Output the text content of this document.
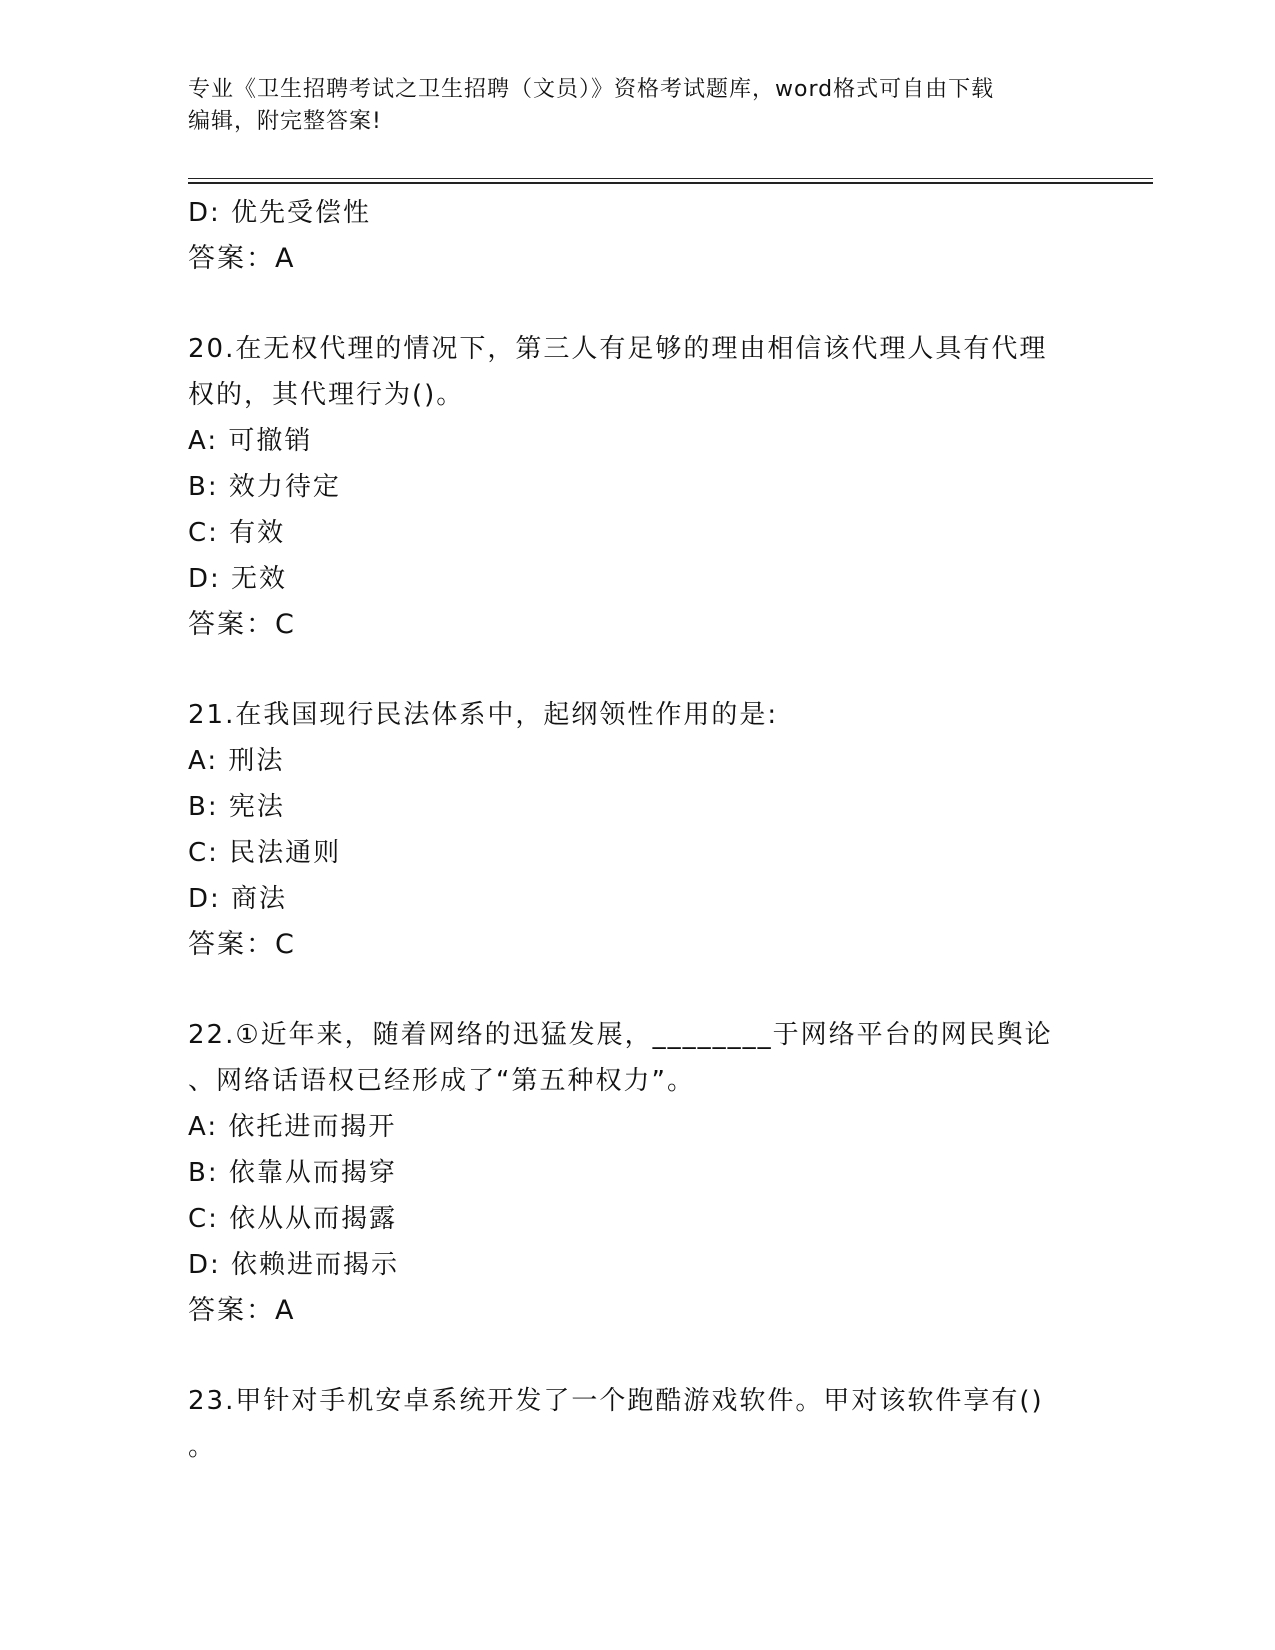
专业《卫生招聘考试之卫生招聘（文员）》资格考试题库，word格式可自由下载
编辑，附完整答案!
D: 优先受偿性
答案：A
20.在无权代理的情况下，第三人有足够的理由相信该代理人具有代理
权的，其代理行为()。
A: 可撤销
B: 效力待定
C: 有效
D: 无效
答案：C
21.在我国现行民法体系中，起纲领性作用的是:
A: 刑法
B: 宪法
C: 民法通则
D: 商法
答案：C
22.①近年来，随着网络的迅猛发展，________于网络平台的网民舆论
、网络话语权已经形成了“第五种权力”。
A: 依托进而揭开
B: 依靠从而揭穿
C: 依从从而揭露
D: 依赖进而揭示
答案：A
23.甲针对手机安卓系统开发了一个跑酷游戏软件。甲对该软件享有()
。
